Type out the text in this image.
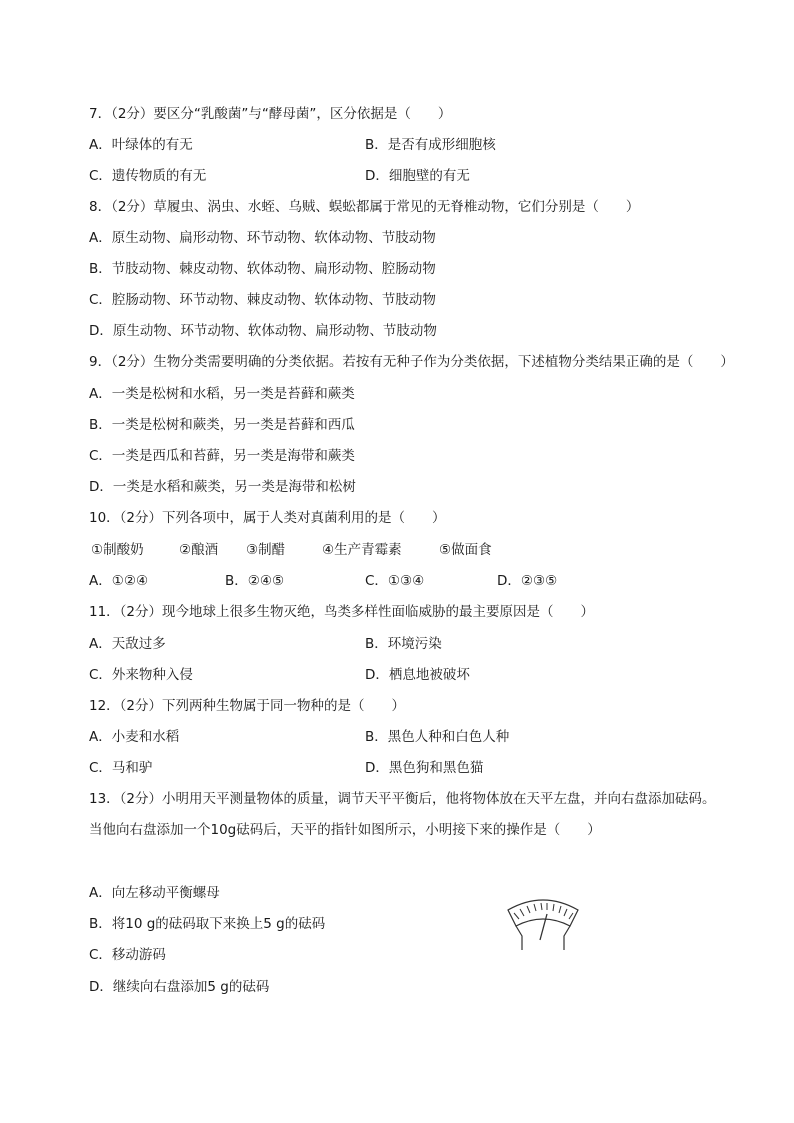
7．（2分）要区分“乳酸菌”与“酵母菌”，区分依据是（　　）
A．叶绿体的有无	B．是否有成形细胞核
C．遗传物质的有无	D．细胞壁的有无
8．（2分）草履虫、涡虫、水蛭、乌贼、蜈蚣都属于常见的无脊椎动物，它们分别是（　　）
A．原生动物、扁形动物、环节动物、软体动物、节肢动物
B．节肢动物、棘皮动物、软体动物、扁形动物、腔肠动物
C．腔肠动物、环节动物、棘皮动物、软体动物、节肢动物
D．原生动物、环节动物、软体动物、扁形动物、节肢动物
9．（2分）生物分类需要明确的分类依据。若按有无种子作为分类依据，下述植物分类结果正确的是（　　）
A．一类是松树和水稻，另一类是苔藓和蕨类
B．一类是松树和蕨类，另一类是苔藓和西瓜
C．一类是西瓜和苔藓，另一类是海带和蕨类
D．一类是水稻和蕨类，另一类是海带和松树
10．（2分）下列各项中，属于人类对真菌利用的是（　　）
①制酸奶	②酿酒 ③制醋	④生产青霉素	⑤做面食
A．①②④	B．②④⑤	C．①③④	D．②③⑤
11．（2分）现今地球上很多生物灭绝，鸟类多样性面临威胁的最主要原因是（　　）
A．天敌过多	B．环境污染
C．外来物种入侵	D．栖息地被破坏
12．（2分）下列两种生物属于同一物种的是（　　）
A．小麦和水稻	B．黑色人种和白色人种
C．马和驴	D．黑色狗和黑色猫
13．（2分）小明用天平测量物体的质量，调节天平平衡后，他将物体放在天平左盘，并向右盘添加砝码。
当他向右盘添加一个10g砝码后，天平的指针如图所示，小明接下来的操作是（　　）
A．向左移动平衡螺母
B．将10 g的砝码取下来换上5 g的砝码
C．移动游码
D．继续向右盘添加5 g的砝码
